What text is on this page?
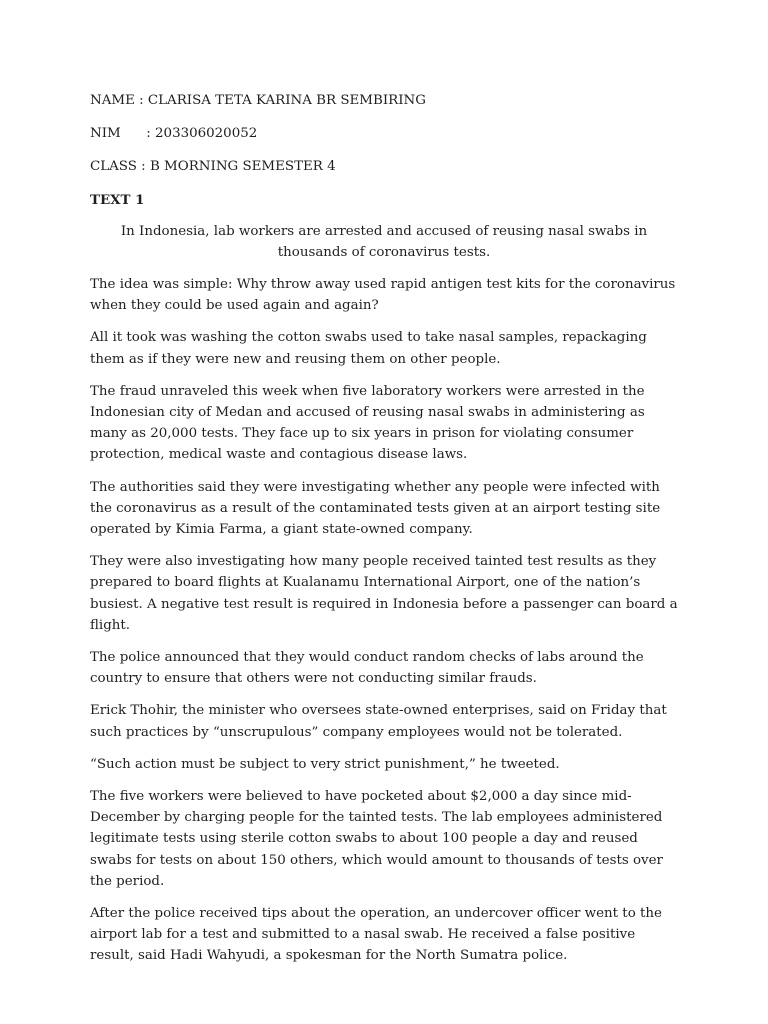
NAME : CLARISA TETA KARINA BR SEMBIRING

NIM      : 203306020052

CLASS : B MORNING SEMESTER 4

TEXT 1

In Indonesia, lab workers are arrested and accused of reusing nasal swabs in thousands of coronavirus tests.

The idea was simple: Why throw away used rapid antigen test kits for the coronavirus when they could be used again and again?

All it took was washing the cotton swabs used to take nasal samples, repackaging them as if they were new and reusing them on other people.

The fraud unraveled this week when five laboratory workers were arrested in the Indonesian city of Medan and accused of reusing nasal swabs in administering as many as 20,000 tests. They face up to six years in prison for violating consumer protection, medical waste and contagious disease laws.

The authorities said they were investigating whether any people were infected with the coronavirus as a result of the contaminated tests given at an airport testing site operated by Kimia Farma, a giant state-owned company.

They were also investigating how many people received tainted test results as they prepared to board flights at Kualanamu International Airport, one of the nation’s busiest. A negative test result is required in Indonesia before a passenger can board a flight.

The police announced that they would conduct random checks of labs around the country to ensure that others were not conducting similar frauds.

Erick Thohir, the minister who oversees state-owned enterprises, said on Friday that such practices by “unscrupulous” company employees would not be tolerated.

“Such action must be subject to very strict punishment,” he tweeted.

The five workers were believed to have pocketed about $2,000 a day since mid-December by charging people for the tainted tests. The lab employees administered legitimate tests using sterile cotton swabs to about 100 people a day and reused swabs for tests on about 150 others, which would amount to thousands of tests over the period.

After the police received tips about the operation, an undercover officer went to the airport lab for a test and submitted to a nasal swab. He received a false positive result, said Hadi Wahyudi, a spokesman for the North Sumatra police.
